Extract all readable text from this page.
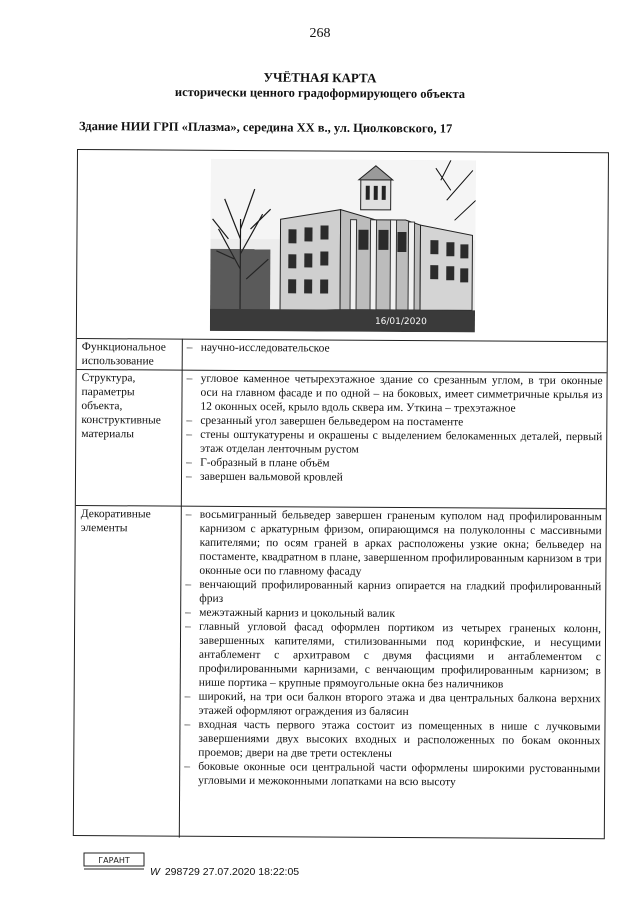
268
УЧЁТНАЯ КАРТА
исторически ценного градоформирующего объекта
Здание НИИ ГРП «Плазма», середина XX в., ул. Циолковского, 17
16/01/2020
Функциональное использование
– научно-исследовательское
Структура, параметры объекта, конструктивные материалы
– угловое каменное четырехэтажное здание со срезанным углом, в три оконные оси на главном фасаде и по одной – на боковых, имеет симметричные крылья из 12 оконных осей, крыло вдоль сквера им. Уткина – трехэтажное
– срезанный угол завершен бельведером на постаменте
– стены оштукатурены и окрашены с выделением белокаменных деталей, первый этаж отделан ленточным рустом
– Г-образный в плане объём
– завершен вальмовой кровлей
Декоративные элементы
– восьмигранный бельведер завершен граненым куполом над профилированным карнизом с аркатурным фризом, опирающимся на полуколонны с массивными капителями; по осям граней в арках расположены узкие окна; бельведер на постаменте, квадратном в плане, завершенном профилированным карнизом в три оконные оси по главному фасаду
– венчающий профилированный карниз опирается на гладкий профилированный фриз
– межэтажный карниз и цокольный валик
– главный угловой фасад оформлен портиком из четырех граненых колонн, завершенных капителями, стилизованными под коринфские, и несущими антаблемент с архитравом с двумя фасциями и антаблементом с профилированными карнизами, с венчающим профилированным карнизом; в нише портика – крупные прямоугольные окна без наличников
– широкий, на три оси балкон второго этажа и два центральных балкона верхних этажей оформляют ограждения из балясин
– входная часть первого этажа состоит из помещенных в нише с лучковыми завершениями двух высоких входных и расположенных по бокам оконных проемов; двери на две трети остеклены
– боковые оконные оси центральной части оформлены широкими рустованными угловыми и межоконными лопатками на всю высоту
ГАРАНТ
W 298729 27.07.2020 18:22:05
